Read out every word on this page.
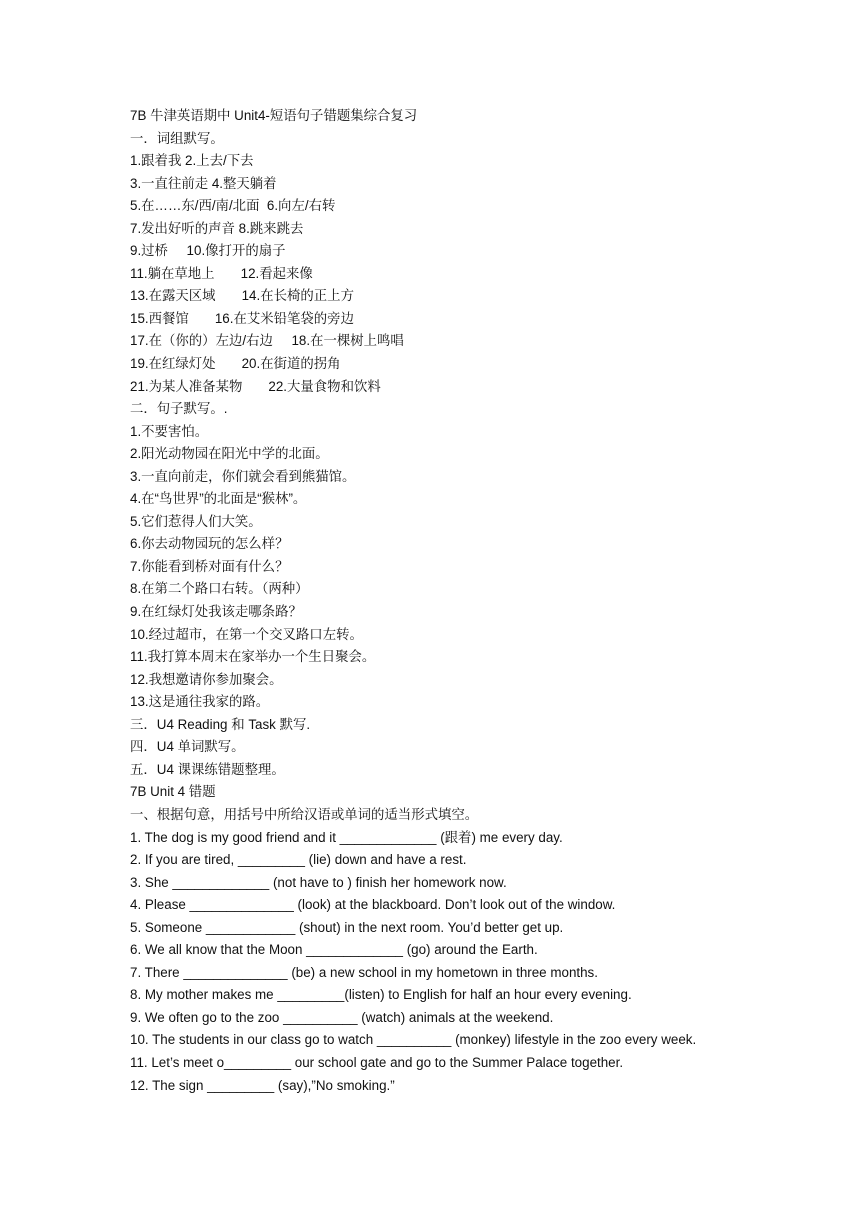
7B 牛津英语期中 Unit4-短语句子错题集综合复习
一．词组默写。
1.跟着我 2.上去/下去
3.一直往前走 4.整天躺着
5.在……东/西/南/北面  6.向左/右转
7.发出好听的声音 8.跳来跳去
9.过桥     10.像打开的扇子
11.躺在草地上       12.看起来像
13.在露天区域       14.在长椅的正上方
15.西餐馆       16.在艾米铅笔袋的旁边
17.在（你的）左边/右边     18.在一棵树上鸣唱
19.在红绿灯处       20.在街道的拐角
21.为某人准备某物       22.大量食物和饮料
二．句子默写。.
1.不要害怕。
2.阳光动物园在阳光中学的北面。
3.一直向前走，你们就会看到熊猫馆。
4.在“鸟世界”的北面是“猴林”。
5.它们惹得人们大笑。
6.你去动物园玩的怎么样？
7.你能看到桥对面有什么？
8.在第二个路口右转。（两种）
9.在红绿灯处我该走哪条路？
10.经过超市，在第一个交叉路口左转。
11.我打算本周末在家举办一个生日聚会。
12.我想邀请你参加聚会。
13.这是通往我家的路。
三．U4 Reading 和 Task 默写.
四．U4 单词默写。
五．U4 课课练错题整理。
7B Unit 4 错题
一、根据句意，用括号中所给汉语或单词的适当形式填空。
1. The dog is my good friend and it _____________ (跟着) me every day.
2. If you are tired, _________ (lie) down and have a rest.
3. She _____________ (not have to ) finish her homework now.
4. Please ______________ (look) at the blackboard. Don’t look out of the window.
5. Someone ____________ (shout) in the next room. You’d better get up.
6. We all know that the Moon _____________ (go) around the Earth.
7. There ______________ (be) a new school in my hometown in three months.
8. My mother makes me _________(listen) to English for half an hour every evening.
9. We often go to the zoo __________ (watch) animals at the weekend.
10. The students in our class go to watch __________ (monkey) lifestyle in the zoo every week.
11. Let’s meet o_________ our school gate and go to the Summer Palace together.
12. The sign _________ (say),”No smoking.”
